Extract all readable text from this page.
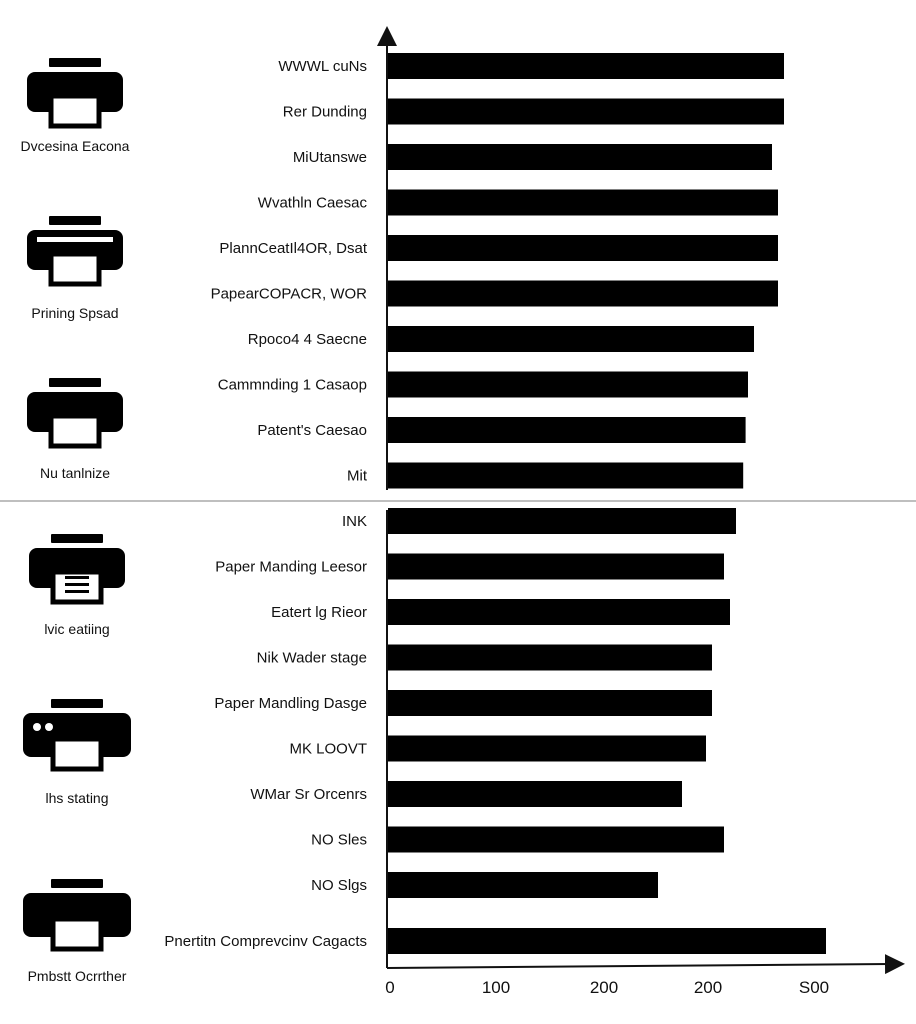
WWWL cuNs
Rer Dunding
MiUtanswe
Wvathln Caesac
PlannCeatIl4OR, Dsat
PapearCOPACR, WOR
Rpoco4 4 Saecne
Cammnding 1 Casaop
Patent's Caesao
Mit
INK
Paper Manding Leesor
Eatert lg Rieor
Nik Wader stage
Paper Mandling Dasge
MK LOOVT
WMar Sr Orcenrs
NO Sles
NO Slgs
Pnertitn Comprevcinv Cagacts
0	100	200	200	S00
Dvcesina Eacona
Prining Spsad
Nu tanlnize
lvic eatiing
lhs stating
Pmbstt Ocrrther
